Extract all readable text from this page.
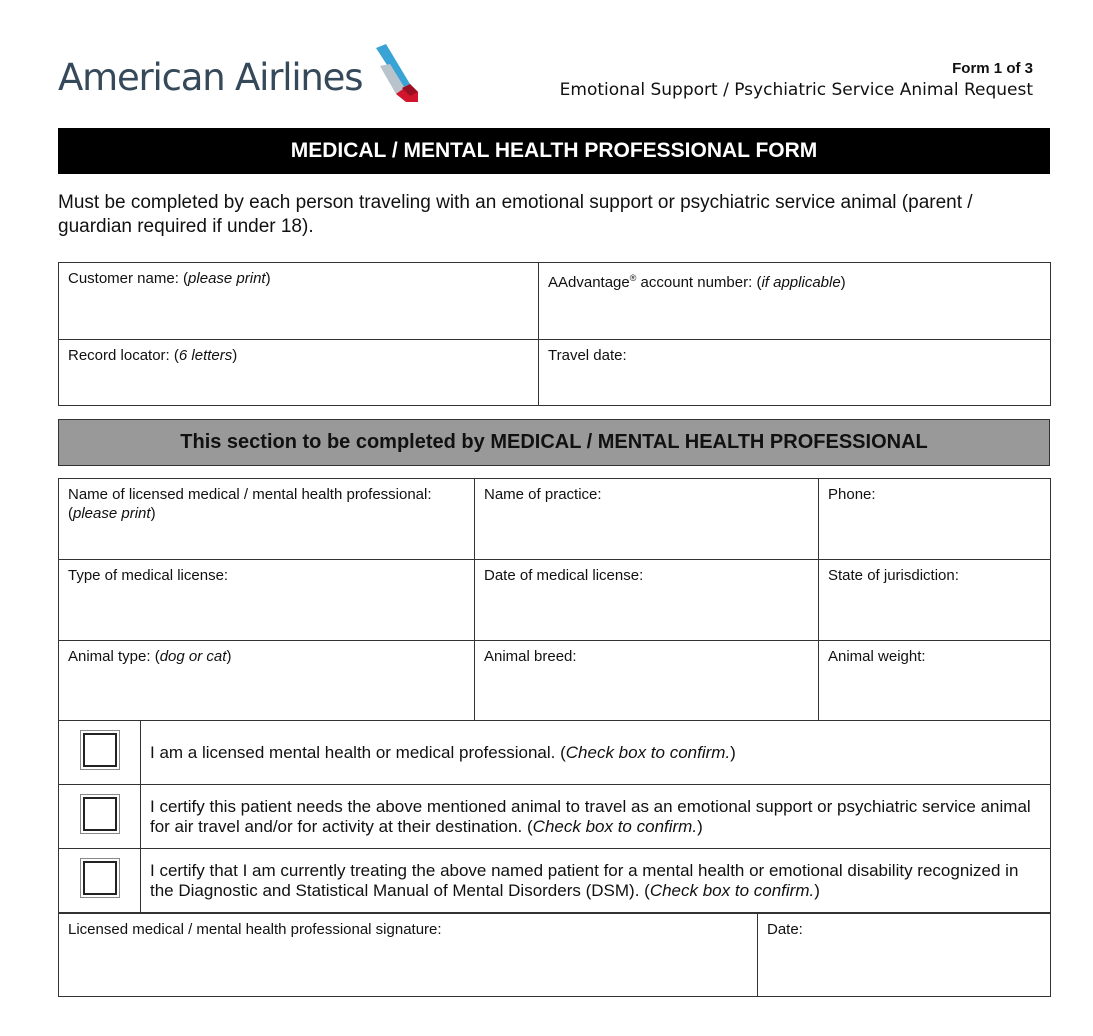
American Airlines	Form 1 of 3
Emotional Support / Psychiatric Service Animal Request
MEDICAL / MENTAL HEALTH PROFESSIONAL FORM
Must be completed by each person traveling with an emotional support or psychiatric service animal (parent / guardian required if under 18).
Customer name: (please print)	AAdvantage® account number: (if applicable)
Record locator: (6 letters)	Travel date:
This section to be completed by MEDICAL / MENTAL HEALTH PROFESSIONAL
Name of licensed medical / mental health professional:
(please print)		Name of practice:	Phone:
Type of medical license:		Date of medical license:	State of jurisdiction:
Animal type: (dog or cat)		Animal breed:	Animal weight:
	I am a licensed mental health or medical professional. (Check box to confirm.)		
	I certify this patient needs the above mentioned animal to travel as an emotional support or psychiatric service animal for air travel and/or for activity at their destination. (Check box to confirm.)		
	I certify that I am currently treating the above named patient for a mental health or emotional disability recognized in the Diagnostic and Statistical Manual of Mental Disorders (DSM). (Check box to confirm.)		
Licensed medical / mental health professional signature:	Date:
